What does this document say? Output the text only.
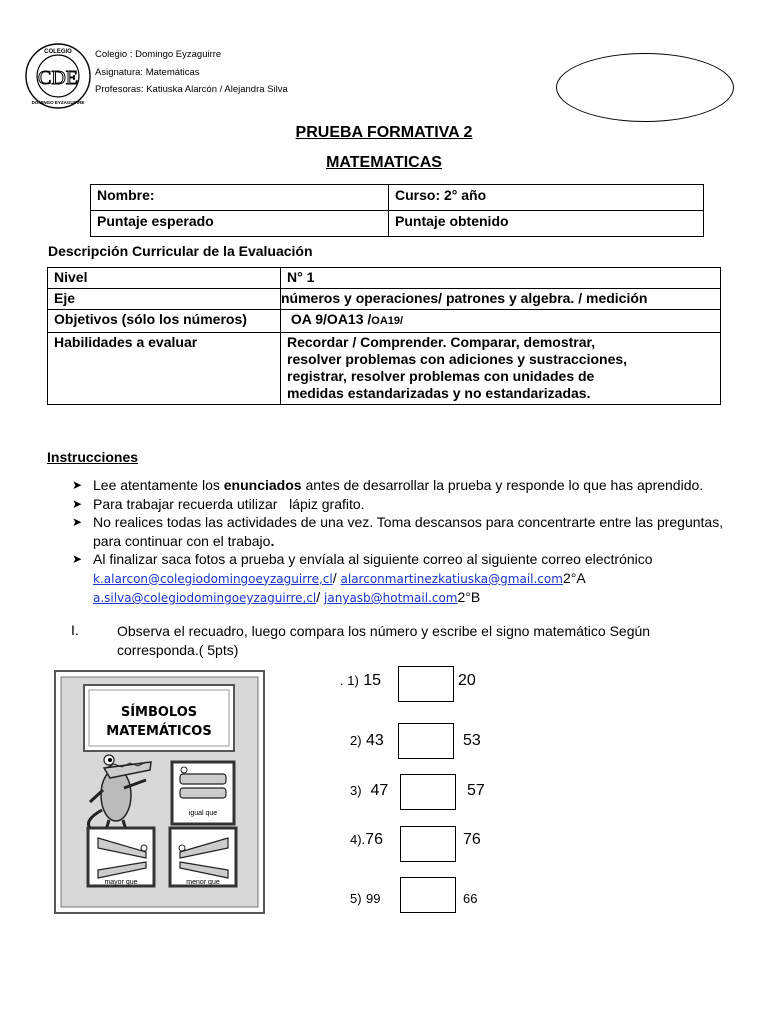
COLEGIO
DOMINGO EYZAGUIRRE
CDE
Colegio : Domingo Eyzaguirre
Asignatura: Matemáticas
Profesoras: Katiuska Alarcón / Alejandra Silva
PRUEBA FORMATIVA 2
MATEMATICAS
Nombre:	Curso: 2° año
Puntaje esperado	Puntaje obtenido
Descripción Curricular de la Evaluación
Nivel	N° 1
Eje	números y operaciones/ patrones y algebra. / medición
Objetivos (sólo los números)	OA 9/OA13 /OA19/
Habilidades a evaluar	Recordar / Comprender. Comparar, demostrar, resolver problemas con adiciones y sustracciones, registrar, resolver problemas con unidades de medidas estandarizadas y no estandarizadas.
Instrucciones
➤ Lee atentamente los enunciados antes de desarrollar la prueba y responde lo que has aprendido.
➤ Para trabajar recuerda utilizar   lápiz grafito.
➤ No realices todas las actividades de una vez. Toma descansos para concentrarte entre las preguntas, para continuar con el trabajo.
➤ Al finalizar saca fotos a prueba y envíala al siguiente correo al siguiente correo electrónico
k.alarcon@colegiodomingoeyzaguirre,cl/ alarconmartinezkatiuska@gmail.com2°A
a.silva@colegiodomingoeyzaguirre,cl/ janyasb@hotmail.com2°B
I.	Observa el recuadro, luego compara los número y escribe el signo matemático Según corresponda.( 5pts)
SÍMBOLOS
MATEMÁTICOS
igual que
mayor que	menor que
. 1) 15	20
2) 43	53
3) 47	57
4).76	76
5) 99	66
